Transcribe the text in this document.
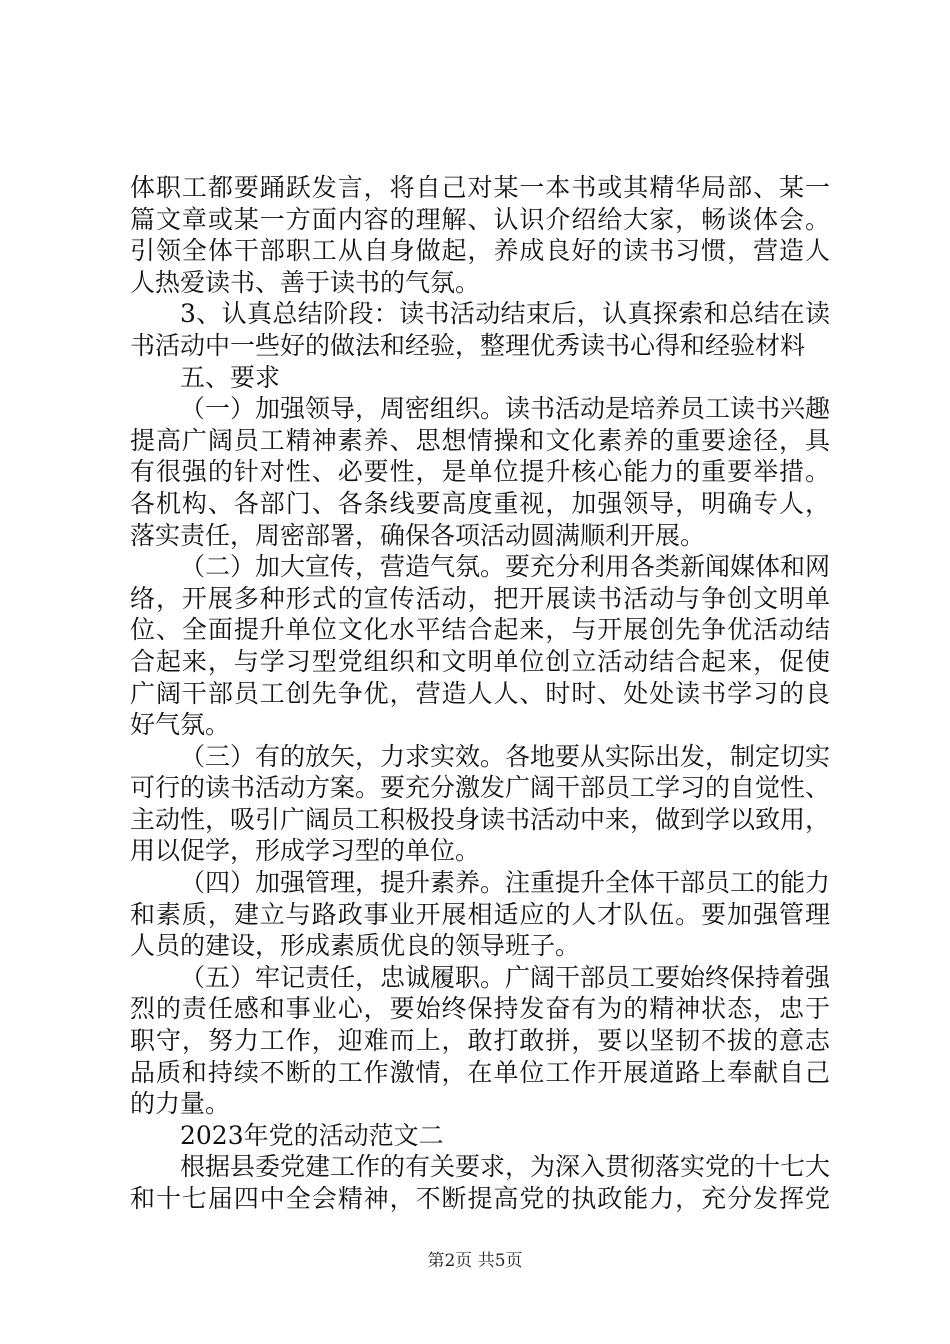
体职工都要踊跃发言，将自己对某一本书或其精华局部、某一
篇文章或某一方面内容的理解、认识介绍给大家，畅谈体会。
引领全体干部职工从自身做起，养成良好的读书习惯，营造人
人热爱读书、善于读书的气氛。
3、认真总结阶段：读书活动结束后，认真探索和总结在读
书活动中一些好的做法和经验，整理优秀读书心得和经验材料
五、要求
（一）加强领导，周密组织。读书活动是培养员工读书兴趣
提高广阔员工精神素养、思想情操和文化素养的重要途径，具
有很强的针对性、必要性，是单位提升核心能力的重要举措。
各机构、各部门、各条线要高度重视，加强领导，明确专人，
落实责任，周密部署，确保各项活动圆满顺利开展。
（二）加大宣传，营造气氛。要充分利用各类新闻媒体和网
络，开展多种形式的宣传活动，把开展读书活动与争创文明单
位、全面提升单位文化水平结合起来，与开展创先争优活动结
合起来，与学习型党组织和文明单位创立活动结合起来，促使
广阔干部员工创先争优，营造人人、时时、处处读书学习的良
好气氛。
（三）有的放矢，力求实效。各地要从实际出发，制定切实
可行的读书活动方案。要充分激发广阔干部员工学习的自觉性、
主动性，吸引广阔员工积极投身读书活动中来，做到学以致用，
用以促学，形成学习型的单位。
（四）加强管理，提升素养。注重提升全体干部员工的能力
和素质，建立与路政事业开展相适应的人才队伍。要加强管理
人员的建设，形成素质优良的领导班子。
（五）牢记责任，忠诚履职。广阔干部员工要始终保持着强
烈的责任感和事业心，要始终保持发奋有为的精神状态，忠于
职守，努力工作，迎难而上，敢打敢拼，要以坚韧不拔的意志
品质和持续不断的工作激情，在单位工作开展道路上奉献自己
的力量。
2023年党的活动范文二
根据县委党建工作的有关要求，为深入贯彻落实党的十七大
和十七届四中全会精神，不断提高党的执政能力，充分发挥党
第2页 共5页
